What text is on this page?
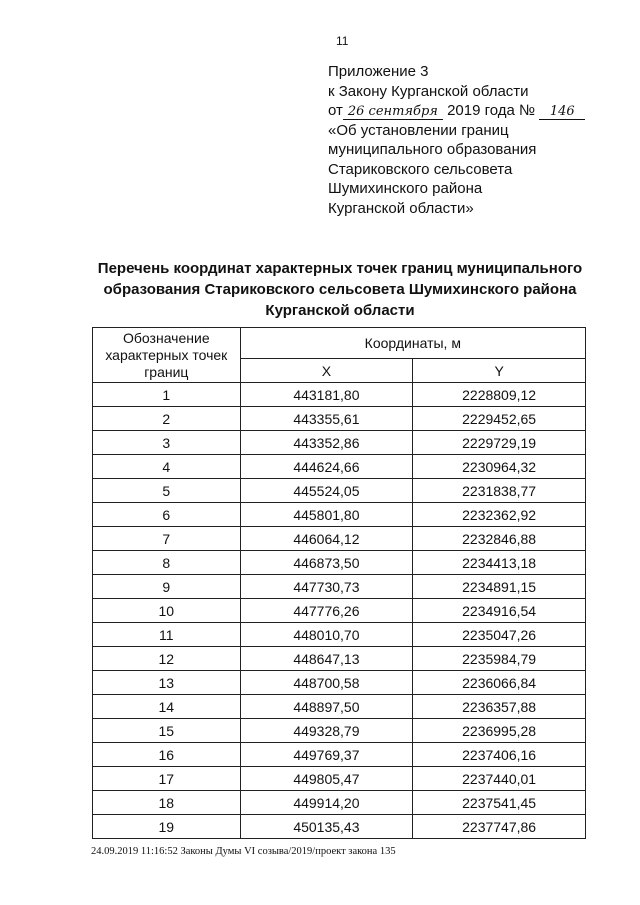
11
Приложение 3
к Закону Курганской области
от 26 сентября 2019 года № 146
«Об установлении границ
муниципального образования
Стариковского сельсовета
Шумихинского района
Курганской области»
Перечень координат характерных точек границ муниципального
образования Стариковского сельсовета Шумихинского района
Курганской области
Обозначение характерных точек границ	Координаты, м	
	X	Y
1	443181,80	2228809,12
2	443355,61	2229452,65
3	443352,86	2229729,19
4	444624,66	2230964,32
5	445524,05	2231838,77
6	445801,80	2232362,92
7	446064,12	2232846,88
8	446873,50	2234413,18
9	447730,73	2234891,15
10	447776,26	2234916,54
11	448010,70	2235047,26
12	448647,13	2235984,79
13	448700,58	2236066,84
14	448897,50	2236357,88
15	449328,79	2236995,28
16	449769,37	2237406,16
17	449805,47	2237440,01
18	449914,20	2237541,45
19	450135,43	2237747,86
24.09.2019 11:16:52 Законы Думы VI созыва/2019/проект закона 135
